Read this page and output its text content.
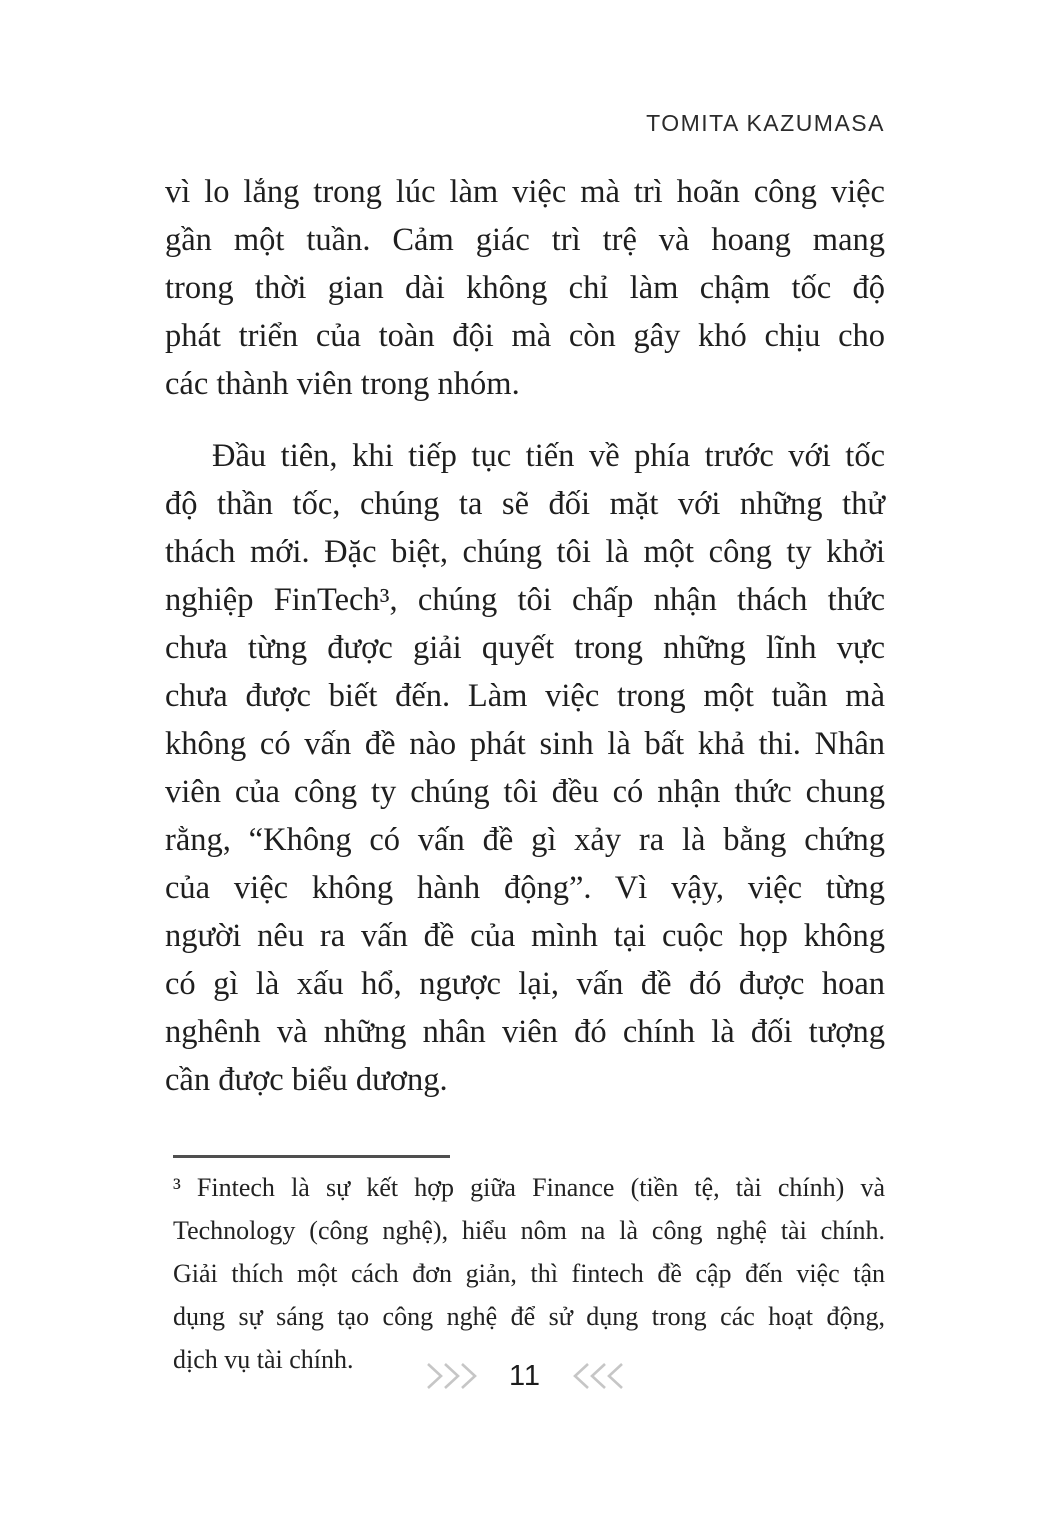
TOMITA KAZUMASA
vì lo lắng trong lúc làm việc mà trì hoãn công việc
gần một tuần. Cảm giác trì trệ và hoang mang
trong thời gian dài không chỉ làm chậm tốc độ
phát triển của toàn đội mà còn gây khó chịu cho
các thành viên trong nhóm.
Đầu tiên, khi tiếp tục tiến về phía trước với tốc
độ thần tốc, chúng ta sẽ đối mặt với những thử
thách mới. Đặc biệt, chúng tôi là một công ty khởi
nghiệp FinTech³, chúng tôi chấp nhận thách thức
chưa từng được giải quyết trong những lĩnh vực
chưa được biết đến. Làm việc trong một tuần mà
không có vấn đề nào phát sinh là bất khả thi. Nhân
viên của công ty chúng tôi đều có nhận thức chung
rằng, “Không có vấn đề gì xảy ra là bằng chứng
của việc không hành động”. Vì vậy, việc từng
người nêu ra vấn đề của mình tại cuộc họp không
có gì là xấu hổ, ngược lại, vấn đề đó được hoan
nghênh và những nhân viên đó chính là đối tượng
cần được biểu dương.
³ Fintech là sự kết hợp giữa Finance (tiền tệ, tài chính) và
Technology (công nghệ), hiểu nôm na là công nghệ tài chính.
Giải thích một cách đơn giản, thì fintech đề cập đến việc tận
dụng sự sáng tạo công nghệ để sử dụng trong các hoạt động,
dịch vụ tài chính.	11
